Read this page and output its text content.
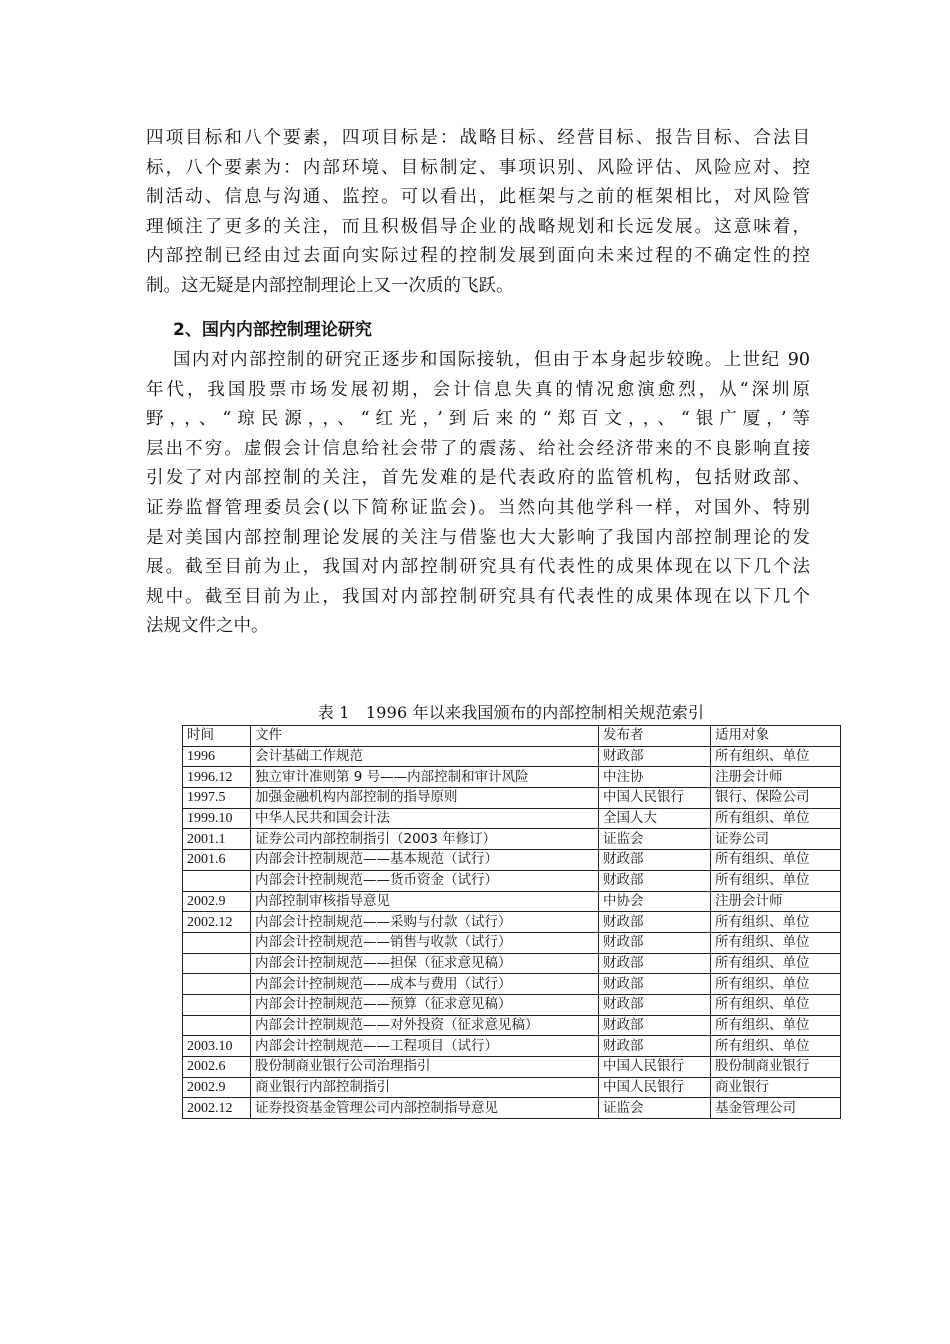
四项目标和八个要素，四项目标是：战略目标、经营目标、报告目标、合法目
标，八个要素为：内部环境、目标制定、事项识别、风险评估、风险应对、控
制活动、信息与沟通、监控。可以看出，此框架与之前的框架相比，对风险管
理倾注了更多的关注，而且积极倡导企业的战略规划和长远发展。这意味着，
内部控制已经由过去面向实际过程的控制发展到面向未来过程的不确定性的控
制。这无疑是内部控制理论上又一次质的飞跃。
2、国内内部控制理论研究
国内对内部控制的研究正逐步和国际接轨，但由于本身起步较晚。上世纪 90
年代，我国股票市场发展初期，会计信息失真的情况愈演愈烈，从“深圳原
野，，、“琼民源，，、“红光，’到后来的“郑百文，，、“银广厦，’等
层出不穷。虚假会计信息给社会带了的震荡、给社会经济带来的不良影响直接
引发了对内部控制的关注，首先发难的是代表政府的监管机构，包括财政部、
证券监督管理委员会(以下简称证监会)。当然向其他学科一样，对国外、特别
是对美国内部控制理论发展的关注与借鉴也大大影响了我国内部控制理论的发
展。截至目前为止，我国对内部控制研究具有代表性的成果体现在以下几个法
规中。截至目前为止，我国对内部控制研究具有代表性的成果体现在以下几个
法规文件之中。
表 1　1996 年以来我国颁布的内部控制相关规范索引
时间	文件	发布者	适用对象
1996	会计基础工作规范	财政部	所有组织、单位
1996.12	独立审计准则第 9 号——内部控制和审计风险	中注协	注册会计师
1997.5	加强金融机构内部控制的指导原则	中国人民银行	银行、保险公司
1999.10	中华人民共和国会计法	全国人大	所有组织、单位
2001.1	证券公司内部控制指引（2003 年修订）	证监会	证券公司
2001.6	内部会计控制规范——基本规范（试行）	财政部	所有组织、单位
	内部会计控制规范——货币资金（试行）	财政部	所有组织、单位
2002.9	内部控制审核指导意见	中协会	注册会计师
2002.12	内部会计控制规范——采购与付款（试行）	财政部	所有组织、单位
	内部会计控制规范——销售与收款（试行）	财政部	所有组织、单位
	内部会计控制规范——担保（征求意见稿）	财政部	所有组织、单位
	内部会计控制规范——成本与费用（试行）	财政部	所有组织、单位
	内部会计控制规范——预算（征求意见稿）	财政部	所有组织、单位
	内部会计控制规范——对外投资（征求意见稿）	财政部	所有组织、单位
2003.10	内部会计控制规范——工程项目（试行）	财政部	所有组织、单位
2002.6	股份制商业银行公司治理指引	中国人民银行	股份制商业银行
2002.9	商业银行内部控制指引	中国人民银行	商业银行
2002.12	证券投资基金管理公司内部控制指导意见	证监会	基金管理公司
